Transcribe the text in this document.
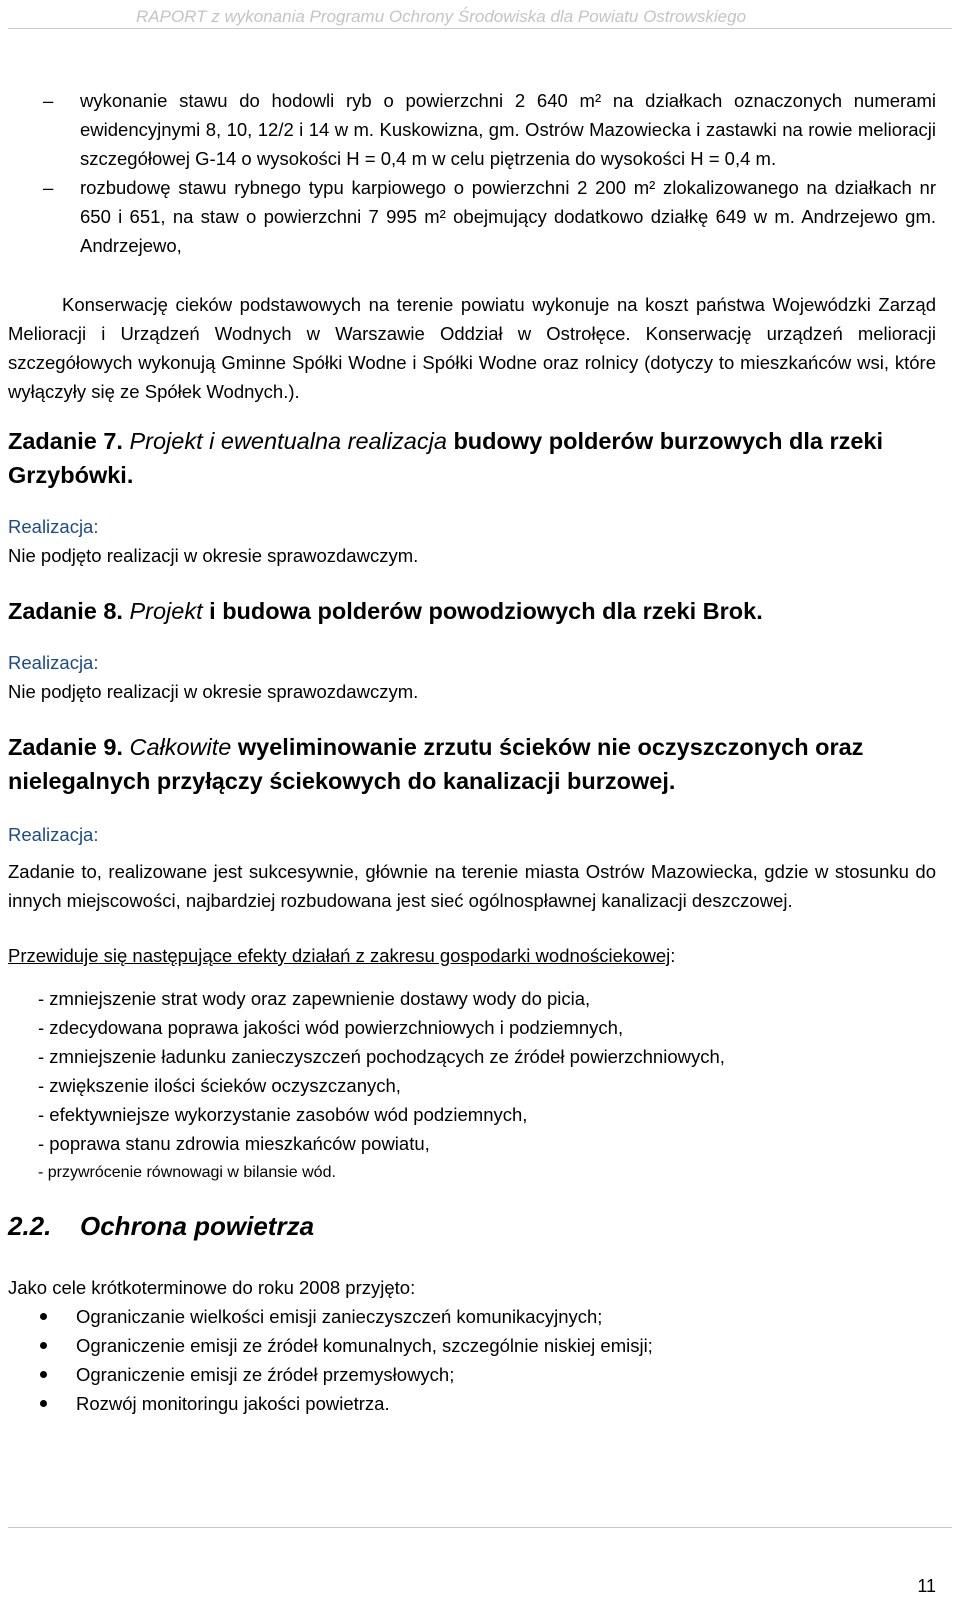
RAPORT z wykonania Programu Ochrony Środowiska dla Powiatu Ostrowskiego
–	wykonanie stawu do hodowli ryb o powierzchni 2 640 m² na działkach oznaczonych numerami ewidencyjnymi 8, 10, 12/2 i 14 w m. Kuskowizna, gm. Ostrów Mazowiecka i zastawki na rowie melioracji szczegółowej G-14 o wysokości H = 0,4 m w celu piętrzenia do wysokości H = 0,4 m.
–	rozbudowę stawu rybnego typu karpiowego o powierzchni 2 200 m² zlokalizowanego na działkach nr 650 i 651, na staw o powierzchni 7 995 m² obejmujący dodatkowo działkę 649 w m. Andrzejewo gm. Andrzejewo,

Konserwację cieków podstawowych na terenie powiatu wykonuje na koszt państwa Wojewódzki Zarząd Melioracji i Urządzeń Wodnych w Warszawie Oddział w Ostrołęce. Konserwację urządzeń melioracji szczegółowych wykonują Gminne Spółki Wodne i Spółki Wodne oraz rolnicy (dotyczy to mieszkańców wsi, które wyłączyły się ze Spółek Wodnych.).

Zadanie 7. Projekt i ewentualna realizacja budowy polderów burzowych dla rzeki Grzybówki.

Realizacja:

Nie podjęto realizacji w okresie sprawozdawczym.

Zadanie 8. Projekt i budowa polderów powodziowych dla rzeki Brok.

Realizacja:

Nie podjęto realizacji w okresie sprawozdawczym.

Zadanie 9. Całkowite wyeliminowanie zrzutu ścieków nie oczyszczonych oraz nielegalnych przyłączy ściekowych do kanalizacji burzowej.

Realizacja:

Zadanie to, realizowane jest sukcesywnie, głównie na terenie miasta Ostrów Mazowiecka, gdzie w stosunku do innych miejscowości, najbardziej rozbudowana jest sieć ogólnospławnej kanalizacji deszczowej.

Przewiduje się następujące efekty działań z zakresu gospodarki wodnościekowej:

- zmniejszenie strat wody oraz zapewnienie dostawy wody do picia,
- zdecydowana poprawa jakości wód powierzchniowych i podziemnych,
- zmniejszenie ładunku zanieczyszczeń pochodzących ze źródeł powierzchniowych,
- zwiększenie ilości ścieków oczyszczanych,
- efektywniejsze wykorzystanie zasobów wód podziemnych,
- poprawa stanu zdrowia mieszkańców powiatu,
- przywrócenie równowagi w bilansie wód.

2.2. Ochrona powietrza

Jako cele krótkoterminowe do roku 2008 przyjęto:

Ograniczanie wielkości emisji zanieczyszczeń komunikacyjnych;
Ograniczenie emisji ze źródeł komunalnych, szczególnie niskiej emisji;
Ograniczenie emisji ze źródeł przemysłowych;
Rozwój monitoringu jakości powietrza.
11
